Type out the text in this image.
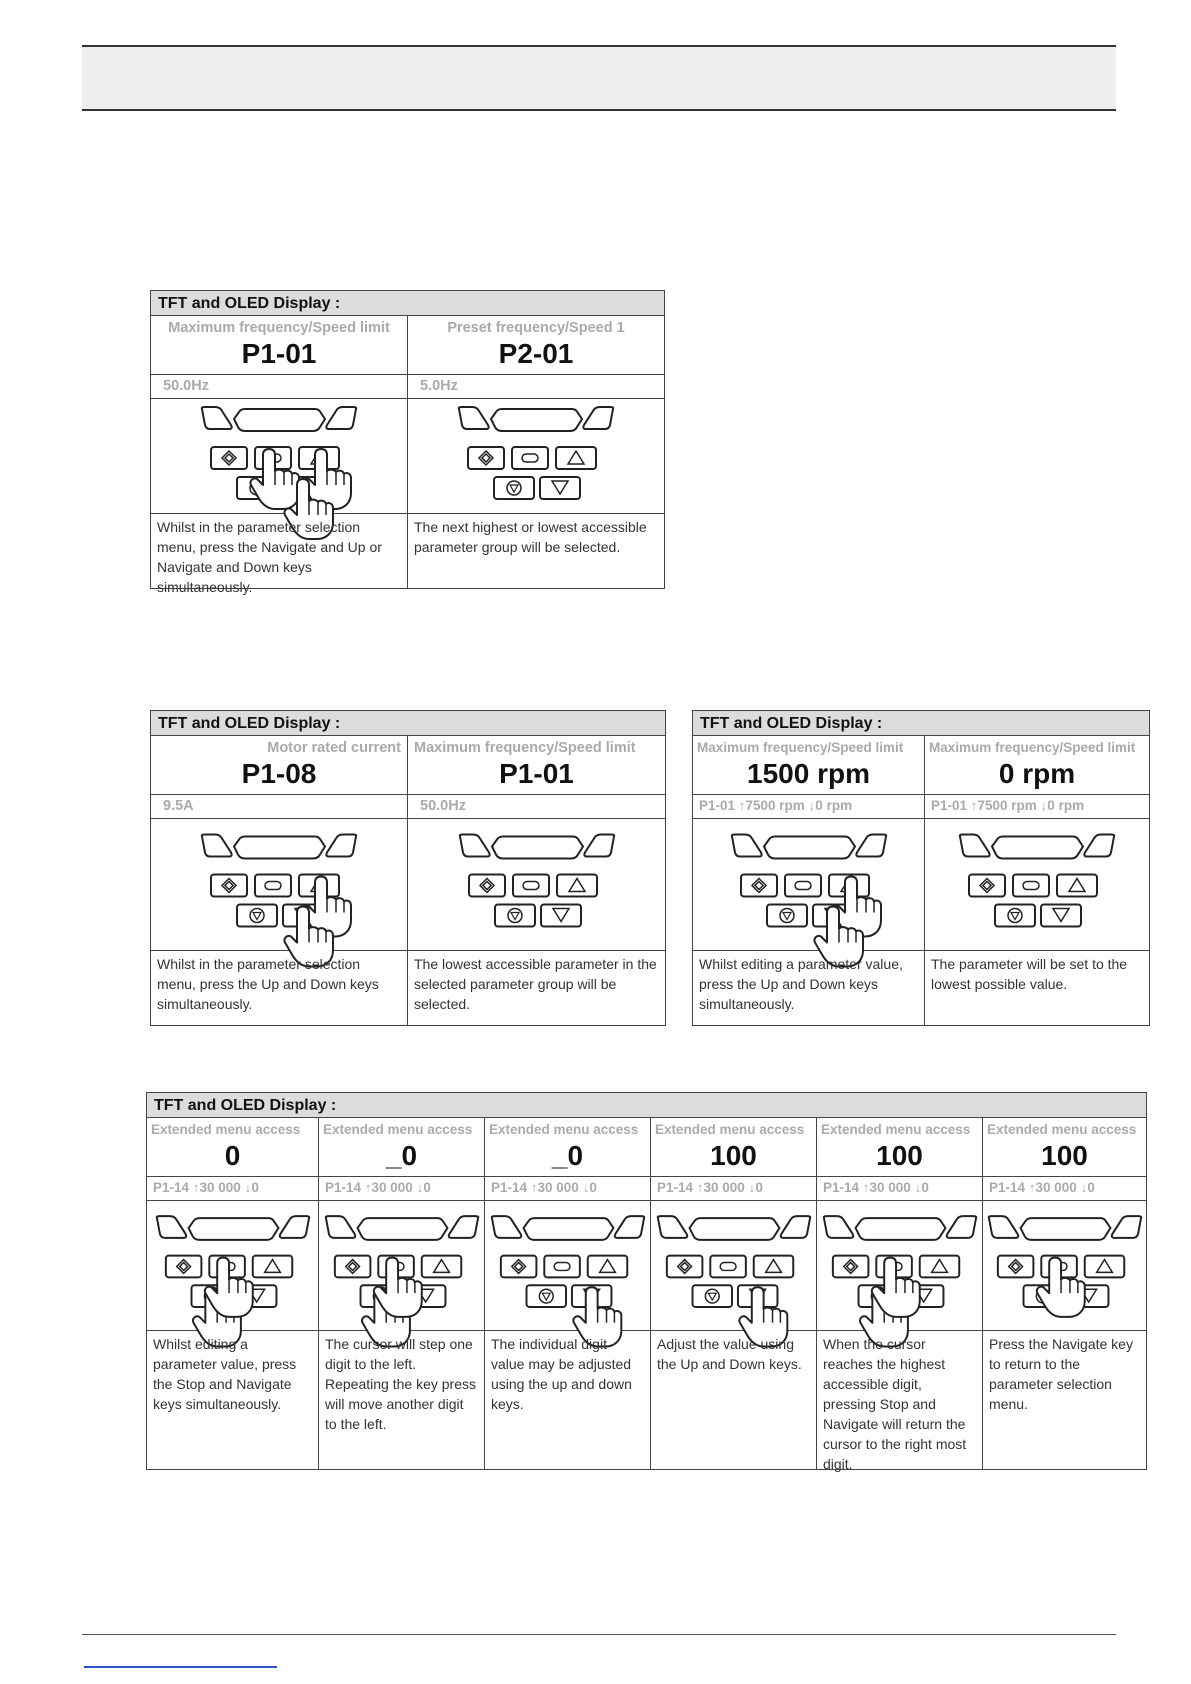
TFT and OLED Display :
Maximum frequency/Speed limit
P1-01
50.0Hz
Whilst in the parameter selection menu, press the Navigate and Up or Navigate and Down keys simultaneously.
Preset frequency/Speed 1
P2-01
5.0Hz
The next highest or lowest accessible parameter group will be selected.
TFT and OLED Display :
Motor rated current
P1-08
9.5A
Whilst in the parameter selection menu, press the Up and Down keys simultaneously.
Maximum frequency/Speed limit
P1-01
50.0Hz
The lowest accessible parameter in the selected parameter group will be selected.
TFT and OLED Display :
Maximum frequency/Speed limit
1500 rpm
P1-01 ↑7500 rpm ↓0 rpm
Whilst editing a parameter value, press the Up and Down keys simultaneously.
Maximum frequency/Speed limit
0 rpm
P1-01 ↑7500 rpm ↓0 rpm
The parameter will be set to the lowest possible value.
TFT and OLED Display :
Extended menu access
0
P1-14 ↑30 000 ↓0
Whilst editing a parameter value, press the Stop and Navigate keys simultaneously.
Extended menu access
_0
P1-14 ↑30 000 ↓0
The cursor will step one digit to the left. Repeating the key press will move another digit to the left.
Extended menu access
_0
P1-14 ↑30 000 ↓0
The individual digit value may be adjusted using the up and down keys.
Extended menu access
100
P1-14 ↑30 000 ↓0
Adjust the value using the Up and Down keys.
Extended menu access
100
P1-14 ↑30 000 ↓0
When the cursor reaches the highest accessible digit, pressing Stop and Navigate will return the cursor to the right most digit.
Extended menu access
100
P1-14 ↑30 000 ↓0
Press the Navigate key to return to the parameter selection menu.
